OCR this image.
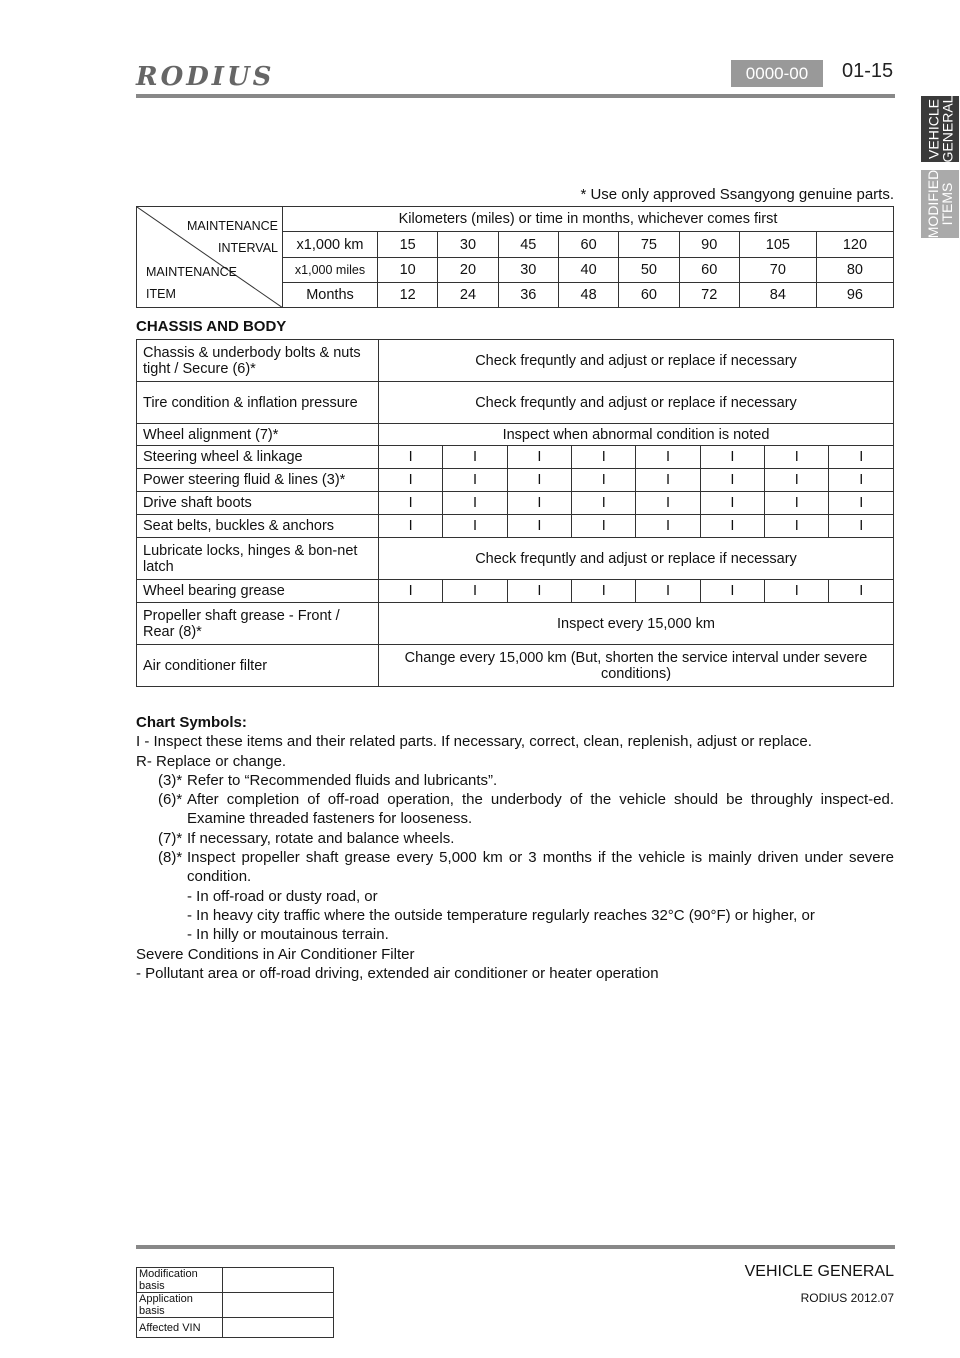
RODIUS	0000-00	01-15
VEHICLE
GENERAL
MODIFIED
ITEMS
* Use only approved Ssangyong genuine parts.
MAINTENANCE
INTERVAL
MAINTENANCE
ITEM	Kilometers (miles) or time in months, whichever comes first								
	x1,000 km	15	30	45	60	75	90	105	120
	x1,000 miles	10	20	30	40	50	60	70	80
	Months	12	24	36	48	60	72	84	96
CHASSIS AND BODY
Chassis & underbody bolts & nuts tight / Secure (6)*	Check frequntly and adjust or replace if necessary							
Tire condition & inflation pressure	Check frequntly and adjust or replace if necessary							
Wheel alignment (7)*	Inspect when abnormal condition is noted							
Steering wheel & linkage	I	I	I	I	I	I	I	I
Power steering fluid & lines (3)*	I	I	I	I	I	I	I	I
Drive shaft boots	I	I	I	I	I	I	I	I
Seat belts, buckles & anchors	I	I	I	I	I	I	I	I
Lubricate locks, hinges & bon-net latch	Check frequntly and adjust or replace if necessary							
Wheel bearing grease	I	I	I	I	I	I	I	I
Propeller shaft grease - Front / Rear (8)*	Inspect every 15,000 km							
Air conditioner filter	Change every 15,000 km (But, shorten the service interval under severe conditions)							

Chart Symbols:

I - Inspect these items and their related parts. If necessary, correct, clean, replenish, adjust or replace.

R- Replace or change.

(3)* Refer to “Recommended fluids and lubricants”.
(6)* After completion of off-road operation, the underbody of the vehicle should be throughly inspect-ed. Examine threaded fasteners for looseness.
(7)* If necessary, rotate and balance wheels.
(8)* Inspect propeller shaft grease every 5,000 km or 3 months if the vehicle is mainly driven under severe condition.

- In off-road or dusty road, or

- In heavy city traffic where the outside temperature regularly reaches 32°C (90°F) or higher, or

- In hilly or moutainous terrain.

Severe Conditions in Air Conditioner Filter

- Pollutant area or off-road driving, extended air conditioner or heater operation

VEHICLE GENERAL
RODIUS 2012.07
Modification basis	
Application basis	
Affected VIN	
